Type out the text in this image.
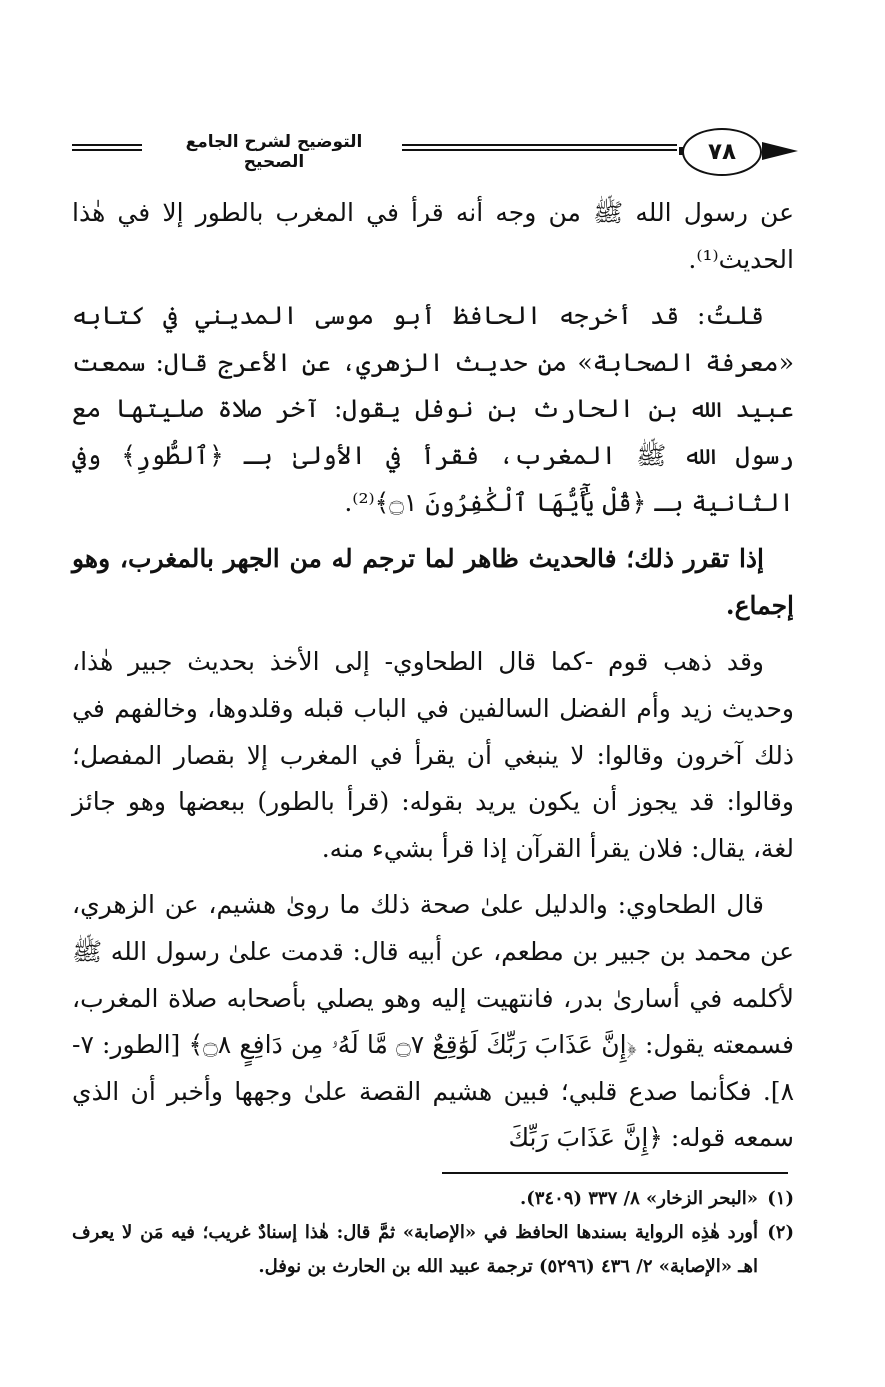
التوضيح لشرح الجامع الصحيح	٧٨

عن رسول الله ﷺ من وجه أنه قرأ في المغرب بالطور إلا في هٰذا الحديث⁽¹⁾.

قلتُ: قد أخرجه الحافظ أبو موسى المديني في كتابه «معرفة الصحابة» من حديث الزهري، عن الأعرج قال: سمعت عبيد الله بن الحارث بن نوفل يقول: آخر صلاة صليتها مع رسول الله ﷺ المغرب، فقرأ في الأولىٰ بـ ﴿ٱلطُّورِ﴾ وفي الثانية بـ ﴿قُلْ يَٰٓأَيُّهَا ٱلْكَٰفِرُونَ ۝١﴾⁽²⁾.

إذا تقرر ذلك؛ فالحديث ظاهر لما ترجم له من الجهر بالمغرب، وهو إجماع.

وقد ذهب قوم -كما قال الطحاوي- إلى الأخذ بحديث جبير هٰذا، وحديث زيد وأم الفضل السالفين في الباب قبله وقلدوها، وخالفهم في ذلك آخرون وقالوا: لا ينبغي أن يقرأ في المغرب إلا بقصار المفصل؛ وقالوا: قد يجوز أن يكون يريد بقوله: (قرأ بالطور) ببعضها وهو جائز لغة، يقال: فلان يقرأ القرآن إذا قرأ بشيء منه.

قال الطحاوي: والدليل علىٰ صحة ذلك ما روىٰ هشيم، عن الزهري، عن محمد بن جبير بن مطعم، عن أبيه قال: قدمت علىٰ رسول الله ﷺ لأكلمه في أسارىٰ بدر، فانتهيت إليه وهو يصلي بأصحابه صلاة المغرب، فسمعته يقول: ﴿إِنَّ عَذَابَ رَبِّكَ لَوَٰقِعٌ ۝٧ مَّا لَهُۥ مِن دَافِعٍ ۝٨﴾ [الطور: ٧- ٨]. فكأنما صدع قلبي؛ فبين هشيم القصة علىٰ وجهها وأخبر أن الذي سمعه قوله: ﴿إِنَّ عَذَابَ رَبِّكَ

(١)
«البحر الزخار» ٨/ ٣٣٧ (٣٤٠٩).
(٢)
أورد هٰذِه الرواية بسندها الحافظ في «الإصابة» ثمَّ قال: هٰذا إسنادٌ غريب؛ فيه مَن لا يعرف اهـ «الإصابة» ٢/ ٤٣٦ (٥٢٩٦) ترجمة عبيد الله بن الحارث بن نوفل.
